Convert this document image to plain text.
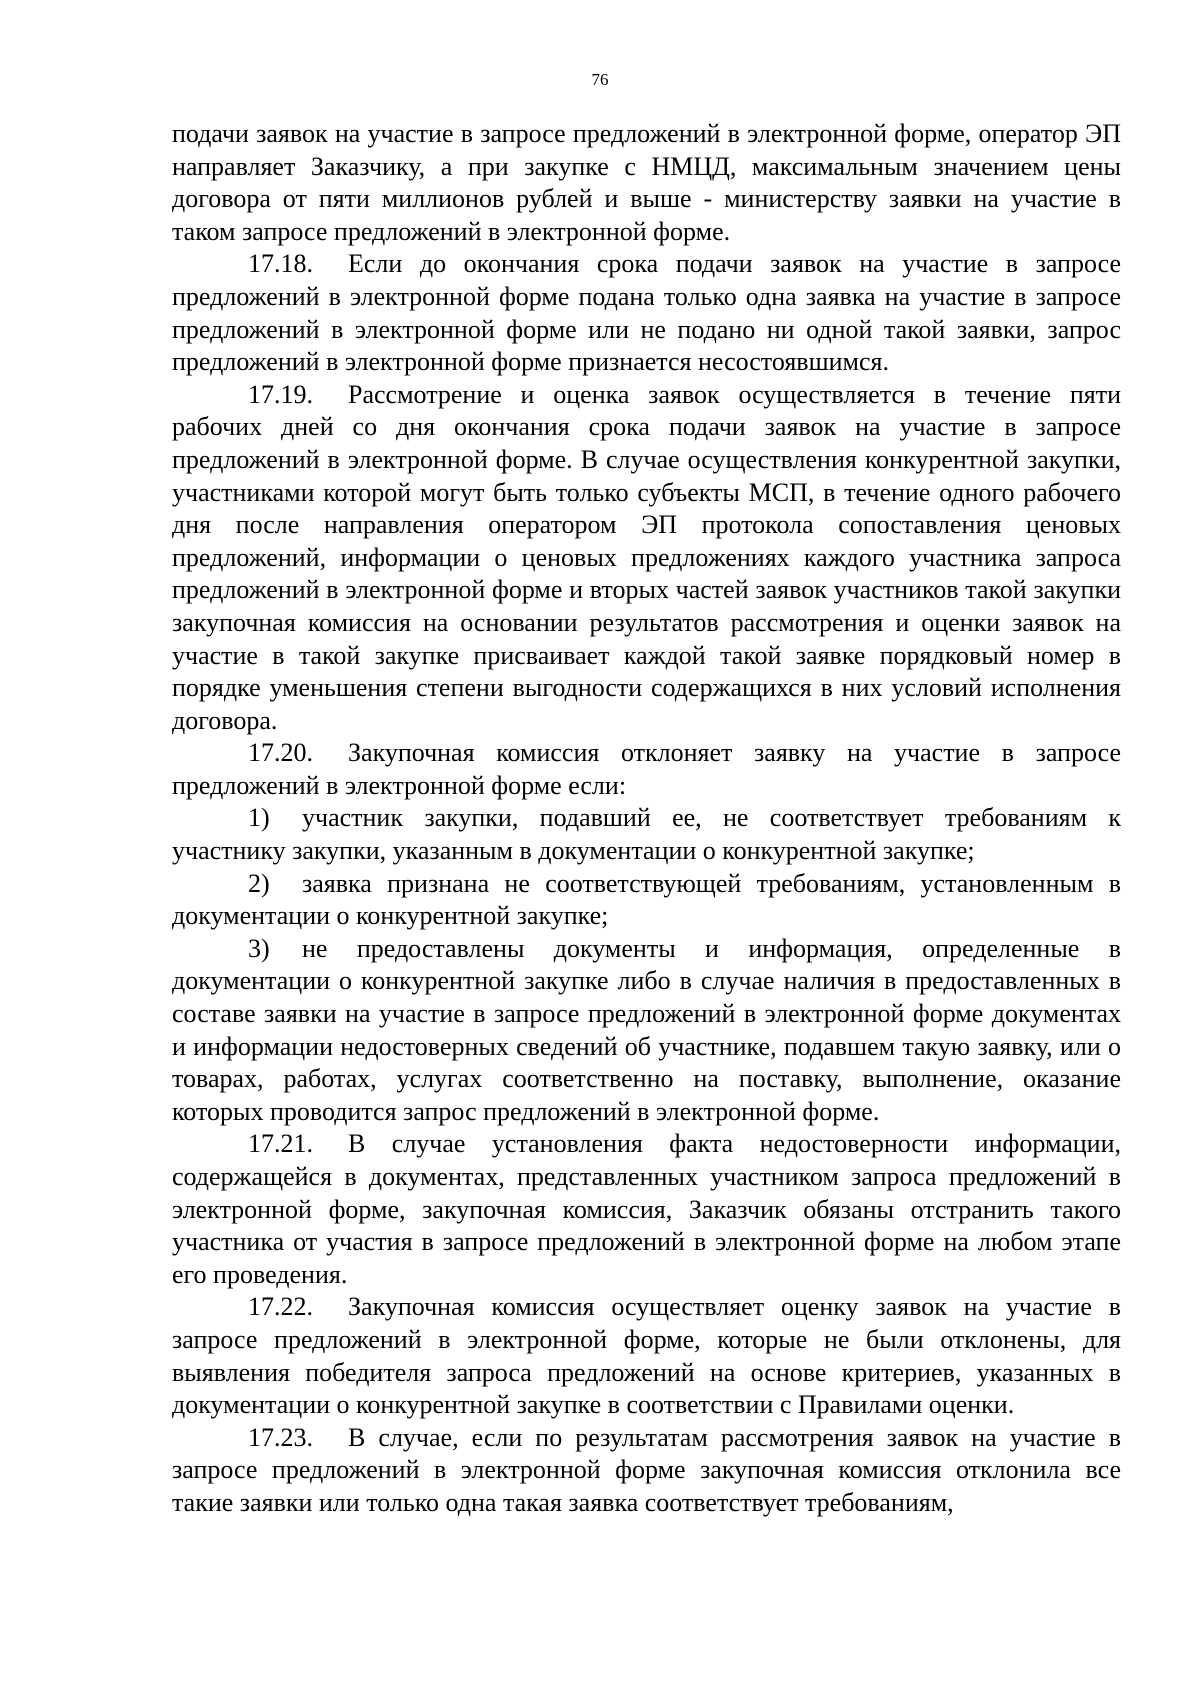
76

подачи заявок на участие в запросе предложений в электронной форме, оператор ЭП направляет Заказчику, а при закупке с НМЦД, максимальным значением цены договора от пяти миллионов рублей и выше - министерству заявки на участие в таком запросе предложений в электронной форме.

17.18. Если до окончания срока подачи заявок на участие в запросе предложений в электронной форме подана только одна заявка на участие в запросе предложений в электронной форме или не подано ни одной такой заявки, запрос предложений в электронной форме признается несостоявшимся.

17.19. Рассмотрение и оценка заявок осуществляется в течение пяти рабочих дней со дня окончания срока подачи заявок на участие в запросе предложений в электронной форме. В случае осуществления конкурентной закупки, участниками которой могут быть только субъекты МСП, в течение одного рабочего дня после направления оператором ЭП протокола сопоставления ценовых предложений, информации о ценовых предложениях каждого участника запроса предложений в электронной форме и вторых частей заявок участников такой закупки закупочная комиссия на основании результатов рассмотрения и оценки заявок на участие в такой закупке присваивает каждой такой заявке порядковый номер в порядке уменьшения степени выгодности содержащихся в них условий исполнения договора.

17.20. Закупочная комиссия отклоняет заявку на участие в запросе предложений в электронной форме если:

1) участник закупки, подавший ее, не соответствует требованиям к участнику закупки, указанным в документации о конкурентной закупке;

2) заявка признана не соответствующей требованиям, установленным в документации о конкурентной закупке;

3) не предоставлены документы и информация, определенные в документации о конкурентной закупке либо в случае наличия в предоставленных в составе заявки на участие в запросе предложений в электронной форме документах и информации недостоверных сведений об участнике, подавшем такую заявку, или о товарах, работах, услугах соответственно на поставку, выполнение, оказание которых проводится запрос предложений в электронной форме.

17.21. В случае установления факта недостоверности информации, содержащейся в документах, представленных участником запроса предложений в электронной форме, закупочная комиссия, Заказчик обязаны отстранить такого участника от участия в запросе предложений в электронной форме на любом этапе его проведения.

17.22. Закупочная комиссия осуществляет оценку заявок на участие в запросе предложений в электронной форме, которые не были отклонены, для выявления победителя запроса предложений на основе критериев, указанных в документации о конкурентной закупке в соответствии с Правилами оценки.

17.23. В случае, если по результатам рассмотрения заявок на участие в запросе предложений в электронной форме закупочная комиссия отклонила все такие заявки или только одна такая заявка соответствует требованиям,
